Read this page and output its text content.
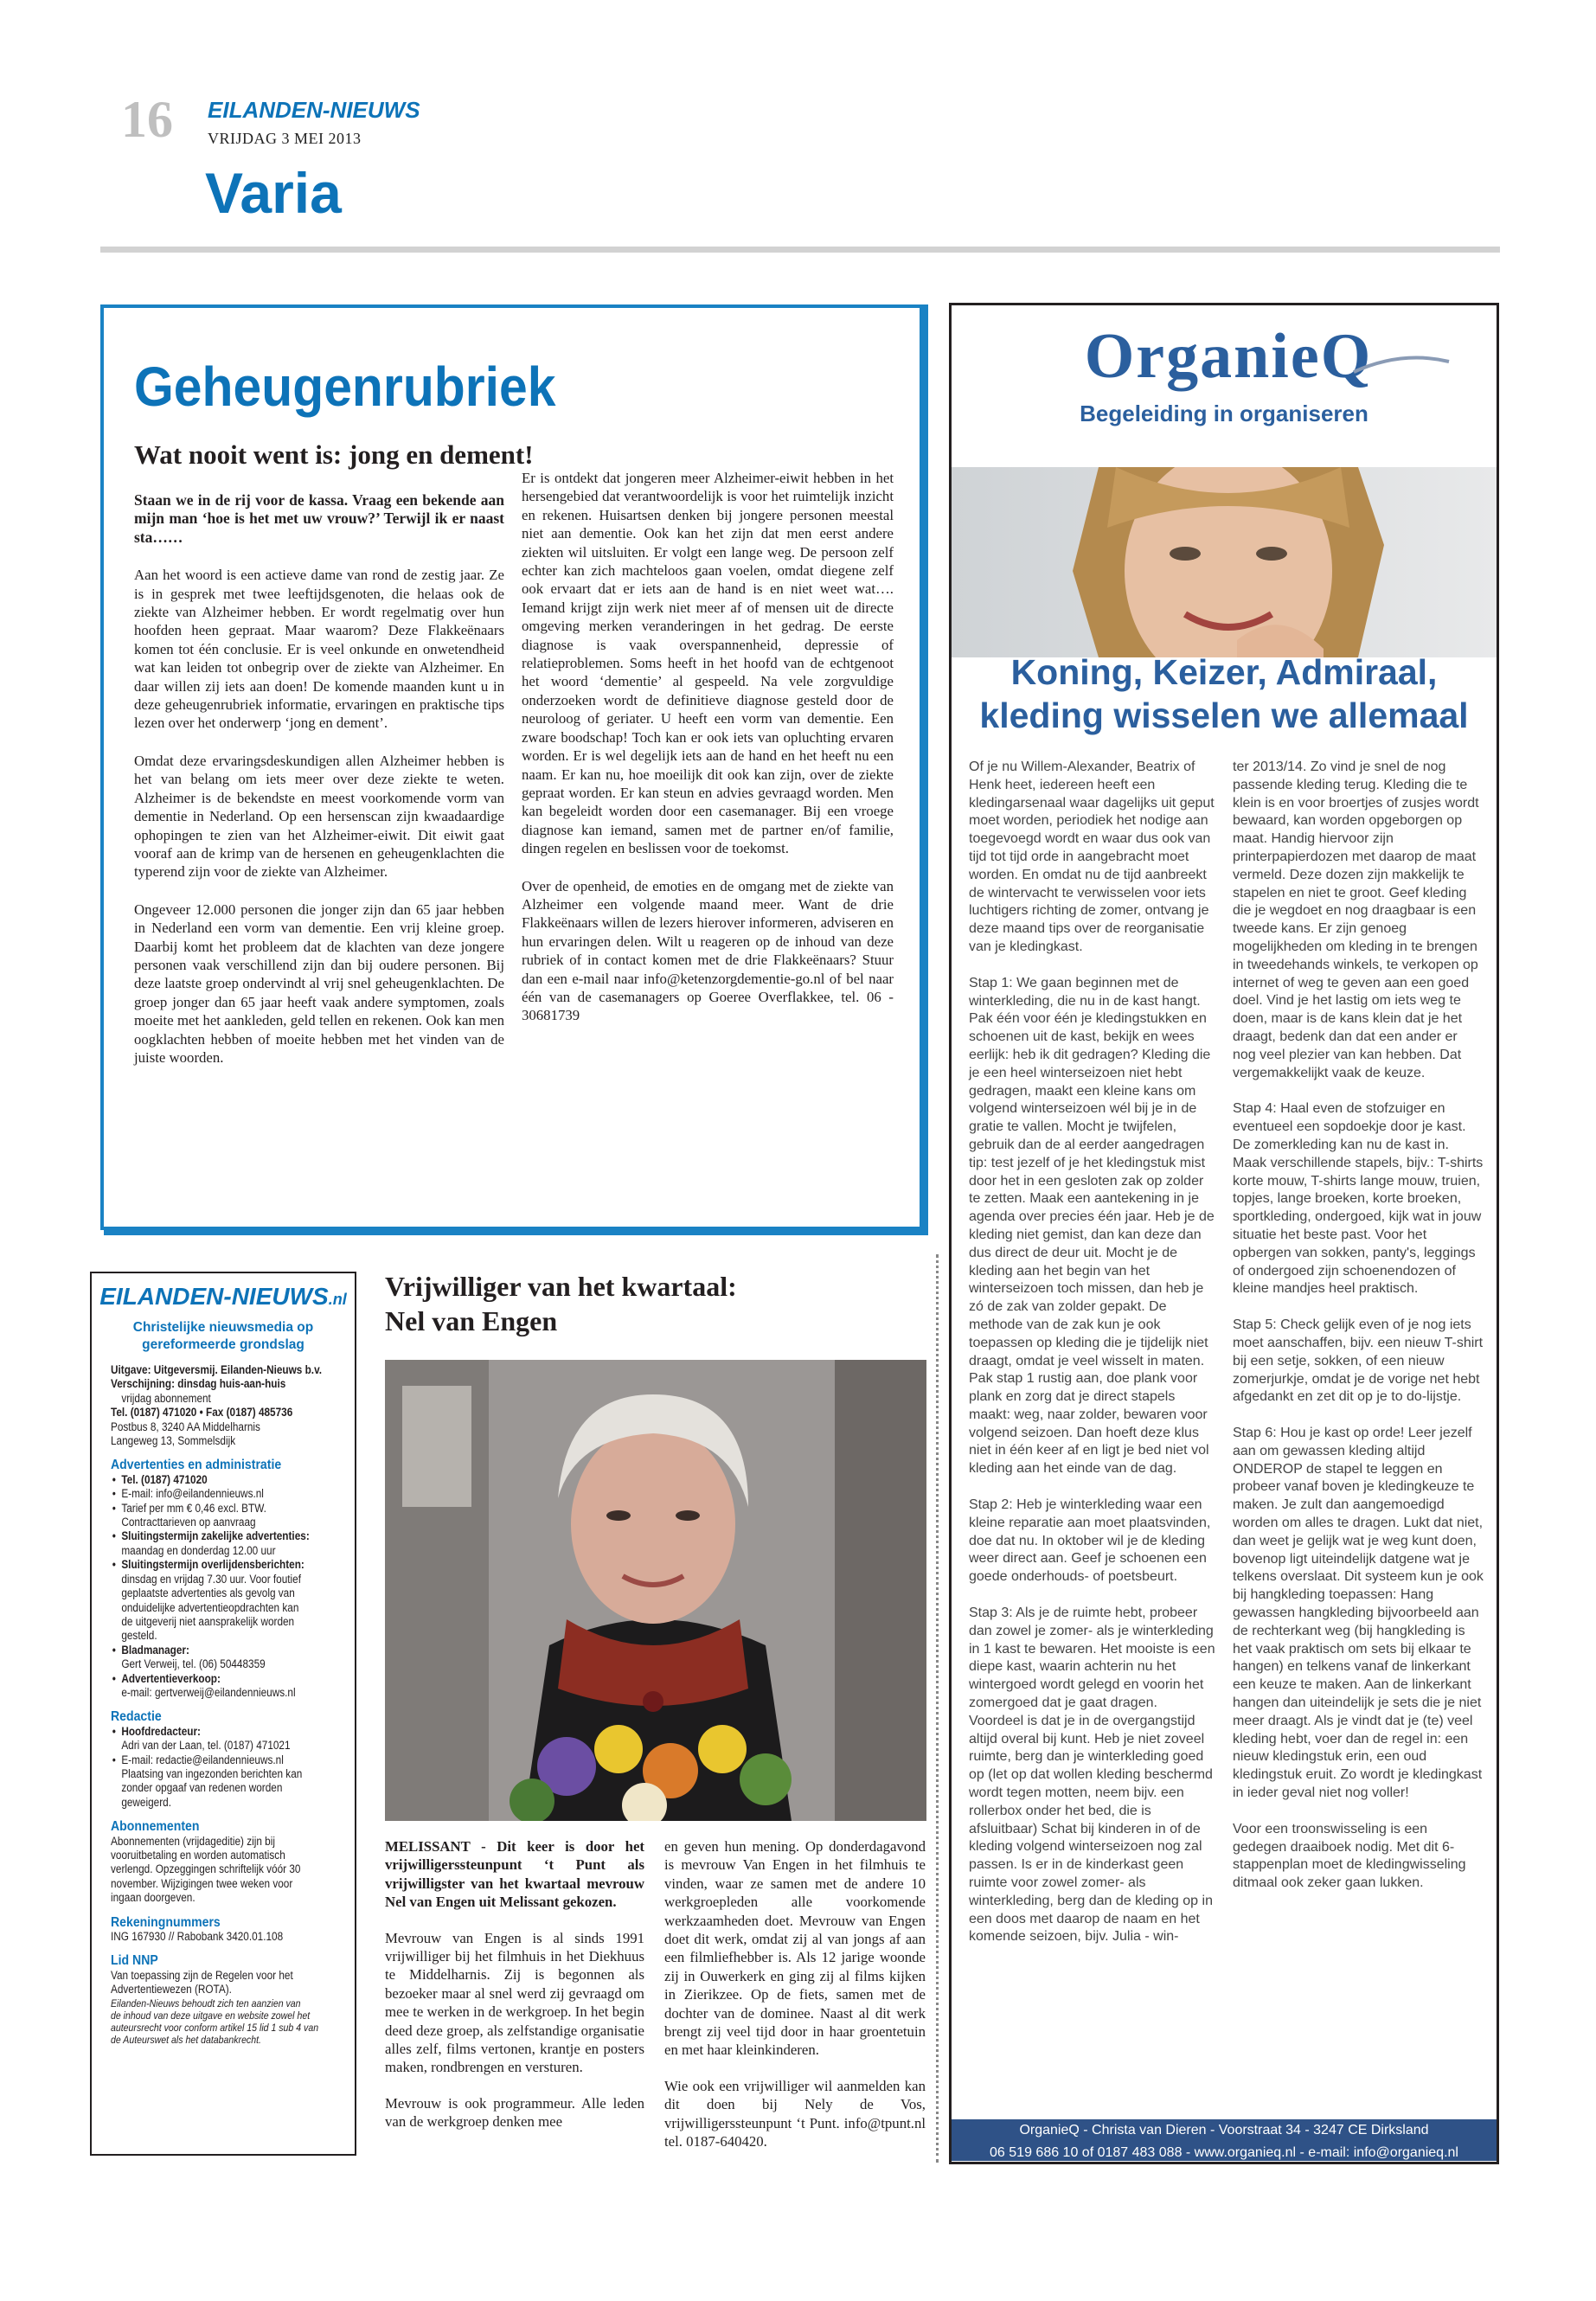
16 EILANDEN-NIEUWS
VRIJDAG 3 MEI 2013
Varia
Geheugenrubriek
Wat nooit went is: jong en dement!

Staan we in de rij voor de kassa. Vraag een bekende aan mijn man ‘hoe is het met uw vrouw?’ Terwijl ik er naast sta……

Aan het woord is een actieve dame van rond de zestig jaar. Ze is in gesprek met twee leeftijdsgenoten, die helaas ook de ziekte van Alzheimer hebben. Er wordt regelmatig over hun hoofden heen gepraat. Maar waarom? Deze Flakkeënaars komen tot één conclusie. Er is veel onkunde en onwetendheid wat kan leiden tot onbegrip over de ziekte van Alzheimer. En daar willen zij iets aan doen! De komende maanden kunt u in deze geheugenrubriek informatie, ervaringen en praktische tips lezen over het onderwerp ‘jong en dement’.

Omdat deze ervaringsdeskundigen allen Alzheimer hebben is het van belang om iets meer over deze ziekte te weten. Alzheimer is de bekendste en meest voorkomende vorm van dementie in Nederland. Op een hersenscan zijn kwaadaardige ophopingen te zien van het Alzheimer-eiwit. Dit eiwit gaat vooraf aan de krimp van de hersenen en geheugenklachten die typerend zijn voor de ziekte van Alzheimer.

Ongeveer 12.000 personen die jonger zijn dan 65 jaar hebben in Nederland een vorm van dementie. Een vrij kleine groep. Daarbij komt het probleem dat de klachten van deze jongere personen vaak verschillend zijn dan bij oudere personen. Bij deze laatste groep ondervindt al vrij snel geheugenklachten. De groep jonger dan 65 jaar heeft vaak andere symptomen, zoals moeite met het aankleden, geld tellen en rekenen. Ook kan men oogklachten hebben of moeite hebben met het vinden van de juiste woorden.

Er is ontdekt dat jongeren meer Alzheimer-eiwit hebben in het hersengebied dat verantwoordelijk is voor het ruimtelijk inzicht en rekenen. Huisartsen denken bij jongere personen meestal niet aan dementie. Ook kan het zijn dat men eerst andere ziekten wil uitsluiten. Er volgt een lange weg. De persoon zelf echter kan zich machteloos gaan voelen, omdat diegene zelf ook ervaart dat er iets aan de hand is en niet weet wat…. Iemand krijgt zijn werk niet meer af of mensen uit de directe omgeving merken veranderingen in het gedrag. De eerste diagnose is vaak overspannenheid, depressie of relatieproblemen. Soms heeft in het hoofd van de echtgenoot het woord ‘dementie’ al gespeeld. Na vele zorgvuldige onderzoeken wordt de definitieve diagnose gesteld door de neuroloog of geriater. U heeft een vorm van dementie. Een zware boodschap! Toch kan er ook iets van opluchting ervaren worden. Er is wel degelijk iets aan de hand en het heeft nu een naam. Er kan nu, hoe moeilijk dit ook kan zijn, over de ziekte gepraat worden. Er kan steun en advies gevraagd worden. Men kan begeleidt worden door een casemanager. Bij een vroege diagnose kan iemand, samen met de partner en/of familie, dingen regelen en beslissen voor de toekomst.

Over de openheid, de emoties en de omgang met de ziekte van Alzheimer een volgende maand meer. Want de drie Flakkeënaars willen de lezers hierover informeren, adviseren en hun ervaringen delen. Wilt u reageren op de inhoud van deze rubriek of in contact komen met de drie Flakkeënaars? Stuur dan een e-mail naar info@ketenzorgdementie-go.nl of bel naar één van de casemanagers op Goeree Overflakkee, tel. 06 - 30681739

OrganieQ
Begeleiding in organiseren
Koning, Keizer, Admiraal,
kleding wisselen we allemaal

Of je nu Willem-Alexander, Beatrix of Henk heet, iedereen heeft een kledingarsenaal waar dagelijks uit geput moet worden, periodiek het nodige aan toegevoegd wordt en waar dus ook van tijd tot tijd orde in aangebracht moet worden. En omdat nu de tijd aanbreekt de wintervacht te verwisselen voor iets luchtigers richting de zomer, ontvang je deze maand tips over de reorganisatie van je kledingkast.

Stap 1: We gaan beginnen met de winterkleding, die nu in de kast hangt. Pak één voor één je kledingstukken en schoenen uit de kast, bekijk en wees eerlijk: heb ik dit gedragen? Kleding die je een heel winterseizoen niet hebt gedragen, maakt een kleine kans om volgend winterseizoen wél bij je in de gratie te vallen. Mocht je twijfelen, gebruik dan de al eerder aangedragen tip: test jezelf of je het kledingstuk mist door het in een gesloten zak op zolder te zetten. Maak een aantekening in je agenda over precies één jaar. Heb je de kleding niet gemist, dan kan deze dan dus direct de deur uit. Mocht je de kleding aan het begin van het winterseizoen toch missen, dan heb je zó de zak van zolder gepakt. De methode van de zak kun je ook toepassen op kleding die je tijdelijk niet draagt, omdat je veel wisselt in maten. Pak stap 1 rustig aan, doe plank voor plank en zorg dat je direct stapels maakt: weg, naar zolder, bewaren voor volgend seizoen. Dan hoeft deze klus niet in één keer af en ligt je bed niet vol kleding aan het einde van de dag.

Stap 2: Heb je winterkleding waar een kleine reparatie aan moet plaatsvinden, doe dat nu. In oktober wil je de kleding weer direct aan. Geef je schoenen een goede onderhouds- of poetsbeurt.

Stap 3: Als je de ruimte hebt, probeer dan zowel je zomer- als je winterkleding in 1 kast te bewaren. Het mooiste is een diepe kast, waarin achterin nu het wintergoed wordt gelegd en voorin het zomergoed dat je gaat dragen. Voordeel is dat je in de overgangstijd altijd overal bij kunt. Heb je niet zoveel ruimte, berg dan je winterkleding goed op (let op dat wollen kleding beschermd wordt tegen motten, neem bijv. een rollerbox onder het bed, die is afsluitbaar) Schat bij kinderen in of de kleding volgend winterseizoen nog zal passen. Is er in de kinderkast geen ruimte voor zowel zomer- als winterkleding, berg dan de kleding op in een doos met daarop de naam en het komende seizoen, bijv. Julia - win-

ter 2013/14. Zo vind je snel de nog passende kleding terug. Kleding die te klein is en voor broertjes of zusjes wordt bewaard, kan worden opgeborgen op maat. Handig hiervoor zijn printerpapierdozen met daarop de maat vermeld. Deze dozen zijn makkelijk te stapelen en niet te groot. Geef kleding die je wegdoet en nog draagbaar is een tweede kans. Er zijn genoeg mogelijkheden om kleding in te brengen in tweedehands winkels, te verkopen op internet of weg te geven aan een goed doel. Vind je het lastig om iets weg te doen, maar is de kans klein dat je het draagt, bedenk dan dat een ander er nog veel plezier van kan hebben. Dat vergemakkelijkt vaak de keuze.

Stap 4: Haal even de stofzuiger en eventueel een sopdoekje door je kast. De zomerkleding kan nu de kast in. Maak verschillende stapels, bijv.: T-shirts korte mouw, T-shirts lange mouw, truien, topjes, lange broeken, korte broeken, sportkleding, ondergoed, kijk wat in jouw situatie het beste past. Voor het opbergen van sokken, panty's, leggings of ondergoed zijn schoenendozen of kleine mandjes heel praktisch.

Stap 5: Check gelijk even of je nog iets moet aanschaffen, bijv. een nieuw T-shirt bij een setje, sokken, of een nieuw zomerjurkje, omdat je de vorige net hebt afgedankt en zet dit op je to do-lijstje.

Stap 6: Hou je kast op orde! Leer jezelf aan om gewassen kleding altijd ONDEROP de stapel te leggen en probeer vanaf boven je kledingkeuze te maken. Je zult dan aangemoedigd worden om alles te dragen. Lukt dat niet, dan weet je gelijk wat je weg kunt doen, bovenop ligt uiteindelijk datgene wat je telkens overslaat. Dit systeem kun je ook bij hangkleding toepassen: Hang gewassen hangkleding bijvoorbeeld aan de rechterkant weg (bij hangkleding is het vaak praktisch om sets bij elkaar te hangen) en telkens vanaf de linkerkant een keuze te maken. Aan de linkerkant hangen dan uiteindelijk je sets die je niet meer draagt. Als je vindt dat je (te) veel kleding hebt, voer dan de regel in: een nieuw kledingstuk erin, een oud kledingstuk eruit. Zo wordt je kledingkast in ieder geval niet nog voller!

Voor een troonswisseling is een gedegen draaiboek nodig. Met dit 6-stappenplan moet de kledingwisseling ditmaal ook zeker gaan lukken.

OrganieQ - Christa van Dieren - Voorstraat 34 - 3247 CE Dirksland
06 519 686 10 of 0187 483 088 - www.organieq.nl - e-mail: info@organieq.nl
EILANDEN-NIEUWS.nl
Christelijke nieuwsmedia op gereformeerde grondslag
Uitgave: Uitgeversmij. Eilanden-Nieuws b.v.
Verschijning: dinsdag huis-aan-huis
vrijdag abonnement
Tel. (0187) 471020 • Fax (0187) 485736
Postbus 8, 3240 AA Middelharnis
Langeweg 13, Sommelsdijk
Advertenties en administratie
• Tel. (0187) 471020
• E-mail: info@eilandennieuws.nl
• Tarief per mm € 0,46 excl. BTW.
Contracttarieven op aanvraag
• Sluitingstermijn zakelijke advertenties:
maandag en donderdag 12.00 uur
• Sluitingstermijn overlijdensberichten:
dinsdag en vrijdag 7.30 uur. Voor foutief
geplaatste advertenties als gevolg van
onduidelijke advertentieopdrachten kan
de uitgeverij niet aansprakelijk worden
gesteld.
• Bladmanager:
Gert Verweij, tel. (06) 50448359
• Advertentieverkoop:
e-mail: gertverweij@eilandennieuws.nl
Redactie
• Hoofdredacteur:
Adri van der Laan, tel. (0187) 471021
• E-mail: redactie@eilandennieuws.nl
Plaatsing van ingezonden berichten kan
zonder opgaaf van redenen worden
geweigerd.
Abonnementen
Abonnementen (vrijdageditie) zijn bij
vooruitbetaling en worden automatisch
verlengd. Opzeggingen schriftelijk vóór 30
november. Wijzigingen twee weken voor
ingaan doorgeven.
Rekeningnummers
ING 167930 // Rabobank 3420.01.108
Lid NNP
Van toepassing zijn de Regelen voor het
Advertentiewezen (ROTA).
Eilanden-Nieuws behoudt zich ten aanzien van
de inhoud van deze uitgave en website zowel het
auteursrecht voor conform artikel 15 lid 1 sub 4 van
de Auteurswet als het databankrecht.
Vrijwilliger van het kwartaal:
Nel van Engen

MELISSANT - Dit keer is door het vrijwilligerssteunpunt ‘t Punt als vrijwilligster van het kwartaal mevrouw Nel van Engen uit Melissant gekozen.

Mevrouw van Engen is al sinds 1991 vrijwilliger bij het filmhuis in het Diekhuus te Middelharnis. Zij is begonnen als bezoeker maar al snel werd zij gevraagd om mee te werken in de werkgroep. In het begin deed deze groep, als zelfstandige organisatie alles zelf, films vertonen, krantje en posters maken, rondbrengen en versturen.

Mevrouw is ook programmeur. Alle leden van de werkgroep denken mee

en geven hun mening. Op donderdagavond is mevrouw Van Engen in het filmhuis te vinden, waar ze samen met de andere 10 werkgroepleden alle voorkomende werkzaamheden doet. Mevrouw van Engen doet dit werk, omdat zij al van jongs af aan een filmliefhebber is. Als 12 jarige woonde zij in Ouwerkerk en ging zij al films kijken in Zierikzee. Op de fiets, samen met de dochter van de dominee. Naast al dit werk brengt zij veel tijd door in haar groentetuin en met haar kleinkinderen.

Wie ook een vrijwilliger wil aanmelden kan dit doen bij Nely de Vos, vrijwilligerssteunpunt ‘t Punt. info@tpunt.nl tel. 0187-640420.
